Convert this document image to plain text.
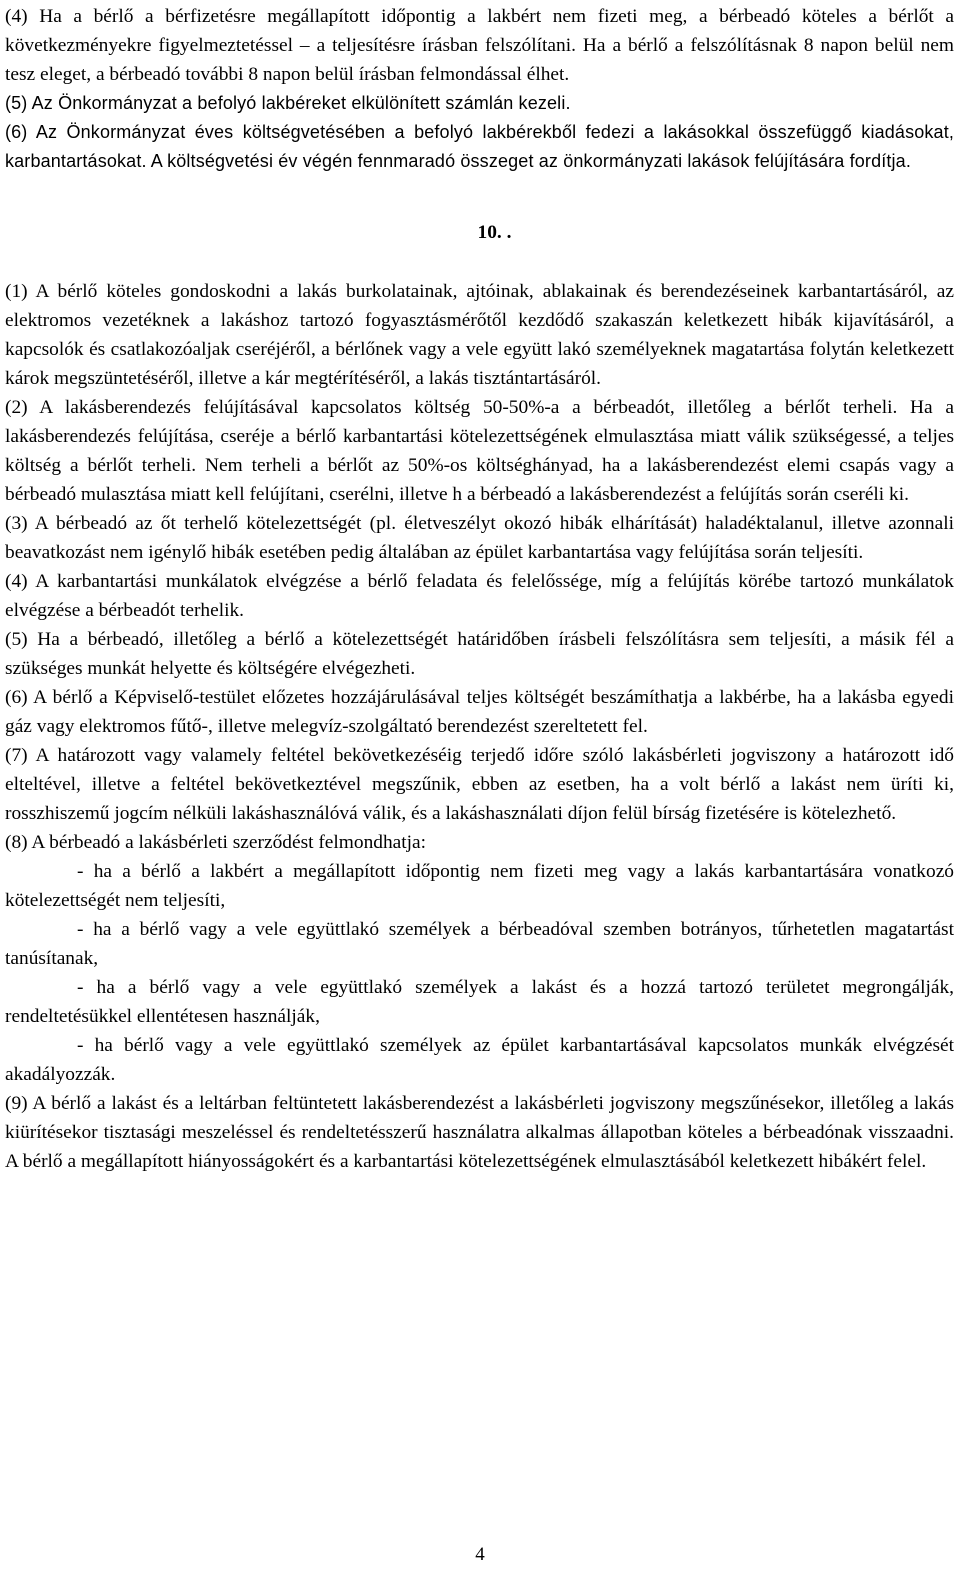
(4) Ha a bérlő a bérfizetésre megállapított időpontig a lakbért nem fizeti meg, a bérbeadó köteles a bérlőt a következményekre figyelmeztetéssel – a teljesítésre írásban felszólítani. Ha a bérlő a felszólításnak 8 napon belül nem tesz eleget, a bérbeadó további 8 napon belül írásban felmondással élhet.

(5) Az Önkormányzat a befolyó lakbéreket elkülönített számlán kezeli.

(6) Az Önkormányzat éves költségvetésében a befolyó lakbérekből fedezi a lakásokkal összefüggő kiadásokat, karbantartásokat. A költségvetési év végén fennmaradó összeget az önkormányzati lakások felújítására fordítja.

10. .

(1) A bérlő köteles gondoskodni a lakás burkolatainak, ajtóinak, ablakainak és berendezéseinek karbantartásáról, az elektromos vezetéknek a lakáshoz tartozó fogyasztásmérőtől kezdődő szakaszán keletkezett hibák kijavításáról, a kapcsolók és csatlakozóaljak cseréjéről, a bérlőnek vagy a vele együtt lakó személyeknek magatartása folytán keletkezett károk megszüntetéséről, illetve a kár megtérítéséről, a lakás tisztántartásáról.

(2) A lakásberendezés felújításával kapcsolatos költség 50-50%-a a bérbeadót, illetőleg a bérlőt terheli. Ha a lakásberendezés felújítása, cseréje a bérlő karbantartási kötelezettségének elmulasztása miatt válik szükségessé, a teljes költség a bérlőt terheli. Nem terheli a bérlőt az 50%-os költséghányad, ha a lakásberendezést elemi csapás vagy a bérbeadó mulasztása miatt kell felújítani, cserélni, illetve h a bérbeadó a lakásberendezést a felújítás során cseréli ki.

(3) A bérbeadó az őt terhelő kötelezettségét (pl. életveszélyt okozó hibák elhárítását) haladéktalanul, illetve azonnali beavatkozást nem igénylő hibák esetében pedig általában az épület karbantartása vagy felújítása során teljesíti.

(4) A karbantartási munkálatok elvégzése a bérlő feladata és felelőssége, míg a felújítás körébe tartozó munkálatok elvégzése a bérbeadót terhelik.

(5) Ha a bérbeadó, illetőleg a bérlő a kötelezettségét határidőben írásbeli felszólításra sem teljesíti, a másik fél a szükséges munkát helyette és költségére elvégezheti.

(6) A bérlő a Képviselő-testület előzetes hozzájárulásával teljes költségét beszámíthatja a lakbérbe, ha a lakásba egyedi gáz vagy elektromos fűtő-, illetve melegvíz-szolgáltató berendezést szereltetett fel.

(7) A határozott vagy valamely feltétel bekövetkezéséig terjedő időre szóló lakásbérleti jogviszony a határozott idő elteltével, illetve a feltétel bekövetkeztével megszűnik, ebben az esetben, ha a volt bérlő a lakást nem üríti ki, rosszhiszemű jogcím nélküli lakáshasználóvá válik, és a lakáshasználati díjon felül bírság fizetésére is kötelezhető.

(8) A bérbeadó a lakásbérleti szerződést felmondhatja:

- ha a bérlő a lakbért a megállapított időpontig nem fizeti meg vagy a lakás karbantartására vonatkozó kötelezettségét nem teljesíti,

- ha a bérlő vagy a vele együttlakó személyek a bérbeadóval szemben botrányos, tűrhetetlen magatartást tanúsítanak,

- ha a bérlő vagy a vele együttlakó személyek a lakást és a hozzá tartozó területet megrongálják, rendeltetésükkel ellentétesen használják,

- ha bérlő vagy a vele együttlakó személyek az épület karbantartásával kapcsolatos munkák elvégzését akadályozzák.

(9) A bérlő a lakást és a leltárban feltüntetett lakásberendezést a lakásbérleti jogviszony megszűnésekor, illetőleg a lakás kiürítésekor tisztasági meszeléssel és rendeltetésszerű használatra alkalmas állapotban köteles a bérbeadónak visszaadni. A bérlő a megállapított hiányosságokért és a karbantartási kötelezettségének elmulasztásából keletkezett hibákért felel.

4
